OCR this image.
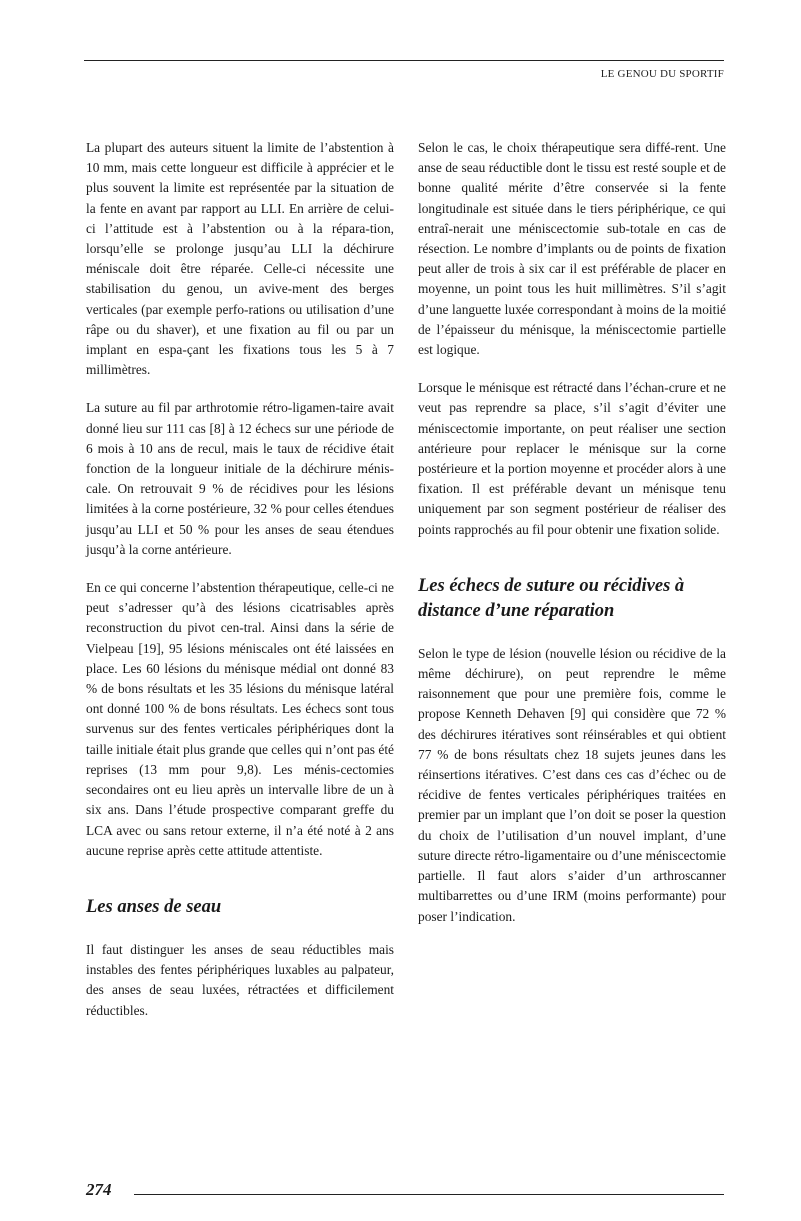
LE GENOU DU SPORTIF

La plupart des auteurs situent la limite de l’abstention à 10 mm, mais cette longueur est difficile à apprécier et le plus souvent la limite est représentée par la situation de la fente en avant par rapport au LLI. En arrière de celui-ci l’attitude est à l’abstention ou à la répara-tion, lorsqu’elle se prolonge jusqu’au LLI la déchirure méniscale doit être réparée. Celle-ci nécessite une stabilisation du genou, un avive-ment des berges verticales (par exemple perfo-rations ou utilisation d’une râpe ou du shaver), et une fixation au fil ou par un implant en espa-çant les fixations tous les 5 à 7 millimètres.

La suture au fil par arthrotomie rétro-ligamen-taire avait donné lieu sur 111 cas [8] à 12 échecs sur une période de 6 mois à 10 ans de recul, mais le taux de récidive était fonction de la longueur initiale de la déchirure ménis-cale. On retrouvait 9 % de récidives pour les lésions limitées à la corne postérieure, 32 % pour celles étendues jusqu’au LLI et 50 % pour les anses de seau étendues jusqu’à la corne antérieure.

En ce qui concerne l’abstention thérapeutique, celle-ci ne peut s’adresser qu’à des lésions cicatrisables après reconstruction du pivot cen-tral. Ainsi dans la série de Vielpeau [19], 95 lésions méniscales ont été laissées en place. Les 60 lésions du ménisque médial ont donné 83 % de bons résultats et les 35 lésions du ménisque latéral ont donné 100 % de bons résultats. Les échecs sont tous survenus sur des fentes verticales périphériques dont la taille initiale était plus grande que celles qui n’ont pas été reprises (13 mm pour 9,8). Les ménis-cectomies secondaires ont eu lieu après un intervalle libre de un à six ans. Dans l’étude prospective comparant greffe du LCA avec ou sans retour externe, il n’a été noté à 2 ans aucune reprise après cette attitude attentiste.

Les anses de seau

Il faut distinguer les anses de seau réductibles mais instables des fentes périphériques luxables au palpateur, des anses de seau luxées, rétractées et difficilement réductibles.

Selon le cas, le choix thérapeutique sera diffé-rent. Une anse de seau réductible dont le tissu est resté souple et de bonne qualité mérite d’être conservée si la fente longitudinale est située dans le tiers périphérique, ce qui entraî-nerait une méniscectomie sub-totale en cas de résection. Le nombre d’implants ou de points de fixation peut aller de trois à six car il est préférable de placer en moyenne, un point tous les huit millimètres. S’il s’agit d’une languette luxée correspondant à moins de la moitié de l’épaisseur du ménisque, la méniscectomie partielle est logique.

Lorsque le ménisque est rétracté dans l’échan-crure et ne veut pas reprendre sa place, s’il s’agit d’éviter une méniscectomie importante, on peut réaliser une section antérieure pour replacer le ménisque sur la corne postérieure et la portion moyenne et procéder alors à une fixation. Il est préférable devant un ménisque tenu uniquement par son segment postérieur de réaliser des points rapprochés au fil pour obtenir une fixation solide.

Les échecs de suture ou récidives à distance d’une réparation

Selon le type de lésion (nouvelle lésion ou récidive de la même déchirure), on peut reprendre le même raisonnement que pour une première fois, comme le propose Kenneth Dehaven [9] qui considère que 72 % des déchirures itératives sont réinsérables et qui obtient 77 % de bons résultats chez 18 sujets jeunes dans les réinsertions itératives. C’est dans ces cas d’échec ou de récidive de fentes verticales périphériques traitées en premier par un implant que l’on doit se poser la question du choix de l’utilisation d’un nouvel implant, d’une suture directe rétro-ligamentaire ou d’une méniscectomie partielle. Il faut alors s’aider d’un arthroscanner multibarrettes ou d’une IRM (moins performante) pour poser l’indication.

274
